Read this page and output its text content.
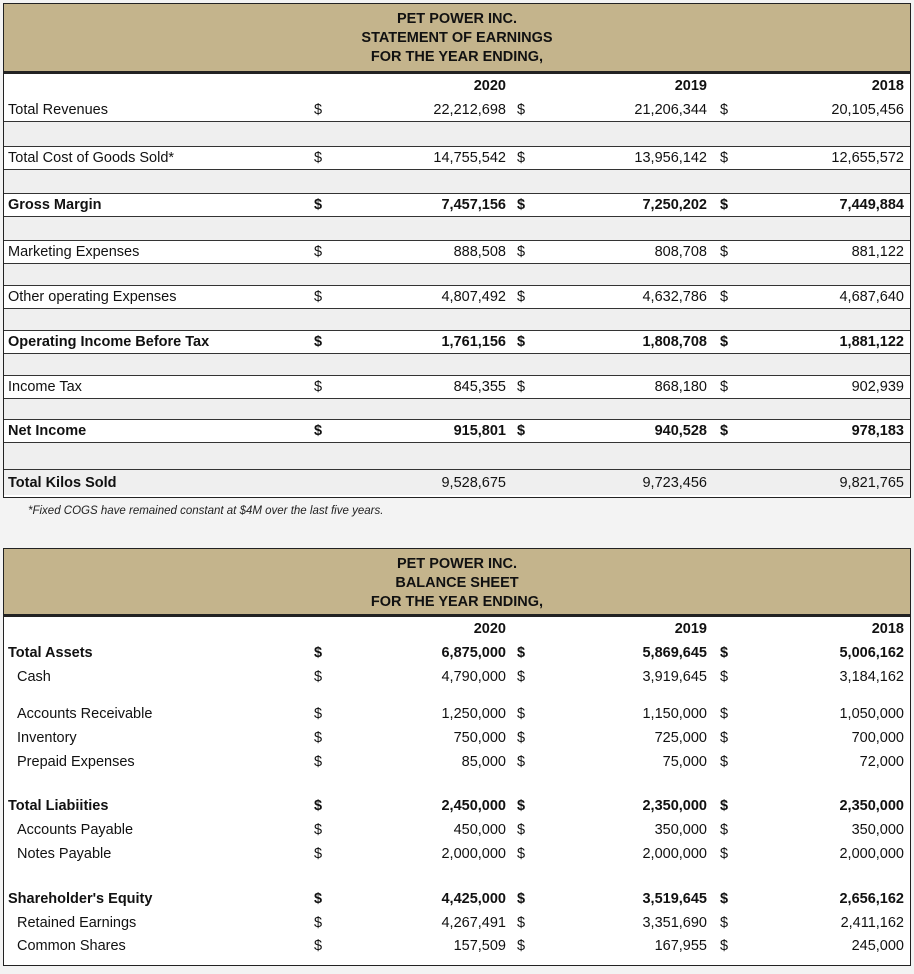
PET POWER INC.
STATEMENT OF EARNINGS
FOR THE YEAR ENDING,
2020	2019	2018
Total Revenues	$	22,212,698 $	21,206,344 $	20,105,456
Total Cost of Goods Sold*	$	14,755,542 $	13,956,142 $	12,655,572
Gross Margin	$	7,457,156 $	7,250,202 $	7,449,884
Marketing Expenses	$	888,508 $	808,708 $	881,122
Other operating Expenses	$	4,807,492 $	4,632,786 $	4,687,640
Operating Income Before Tax	$	1,761,156 $	1,808,708 $	1,881,122
Income Tax	$	845,355 $	868,180 $	902,939
Net Income	$	915,801 $	940,528 $	978,183
Total Kilos Sold	9,528,675	9,723,456	9,821,765
*Fixed COGS have remained constant at $4M over the last five years.
PET POWER INC.
BALANCE SHEET
FOR THE YEAR ENDING,
2020	2019	2018
Total Assets	$	6,875,000 $	5,869,645 $	5,006,162
Cash	$	4,790,000 $	3,919,645 $	3,184,162
Accounts Receivable	$	1,250,000 $	1,150,000 $	1,050,000
Inventory	$	750,000 $	725,000 $	700,000
Prepaid Expenses	$	85,000 $	75,000 $	72,000
Total Liabiities	$	2,450,000 $	2,350,000 $	2,350,000
Accounts Payable	$	450,000 $	350,000 $	350,000
Notes Payable	$	2,000,000 $	2,000,000 $	2,000,000
Shareholder's Equity	$	4,425,000 $	3,519,645 $	2,656,162
Retained Earnings	$	4,267,491 $	3,351,690 $	2,411,162
Common Shares	$	157,509 $	167,955 $	245,000
